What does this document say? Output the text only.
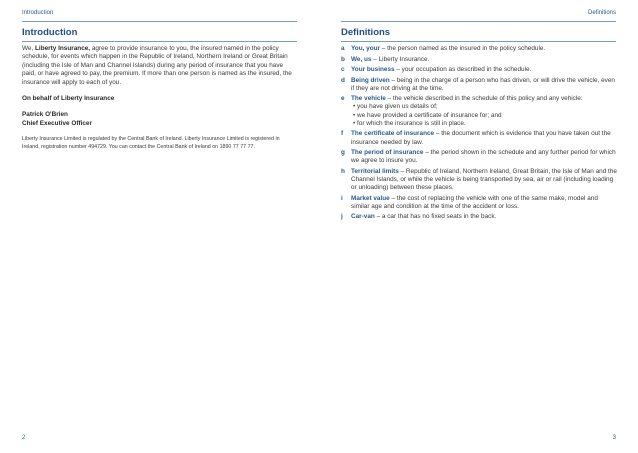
Introduction
Introduction

We, Liberty Insurance, agree to provide insurance to you, the insured named in the policy schedule, for events which happen in the Republic of Ireland, Northern Ireland or Great Britain (including the Isle of Man and Channel Islands) during any period of insurance that you have paid, or have agreed to pay, the premium. If more than one person is named as the insured, the insurance will apply to each of you.

On behalf of Liberty Insurance

Patrick O'Brien
Chief Executive Officer

Liberty Insurance Limited is regulated by the Central Bank of Ireland. Liberty Insurance Limited is registered in Ireland, registration number 494729. You can contact the Central Bank of Ireland on 1890 77 77 77.

2
Definitions
Definitions
a	You, your – the person named as the insured in the policy schedule.
b We, us – Liberty Insurance.
c	Your business – your occupation as described in the schedule.
d Being driven – being in the charge of a person who has driven, or will drive the vehicle, even if they are not driving at the time.
e	The vehicle – the vehicle described in the schedule of this policy and any vehicle:
• you have given us details of;
• we have provided a certificate of insurance for; and
• for which the insurance is still in place.
f	The certificate of insurance – the document which is evidence that you have taken out the insurance needed by law.
g The period of insurance – the period shown in the schedule and any further period for which we agree to insure you.
h Territorial limits – Republic of Ireland, Northern Ireland, Great Britain, the Isle of Man and the Channel Islands, or while the vehicle is being transported by sea, air or rail (including loading or unloading) between these places.
i	Market value – the cost of replacing the vehicle with one of the same make, model and similar age and condition at the time of the accident or loss.
j	Car-van – a car that has no fixed seats in the back.
3
